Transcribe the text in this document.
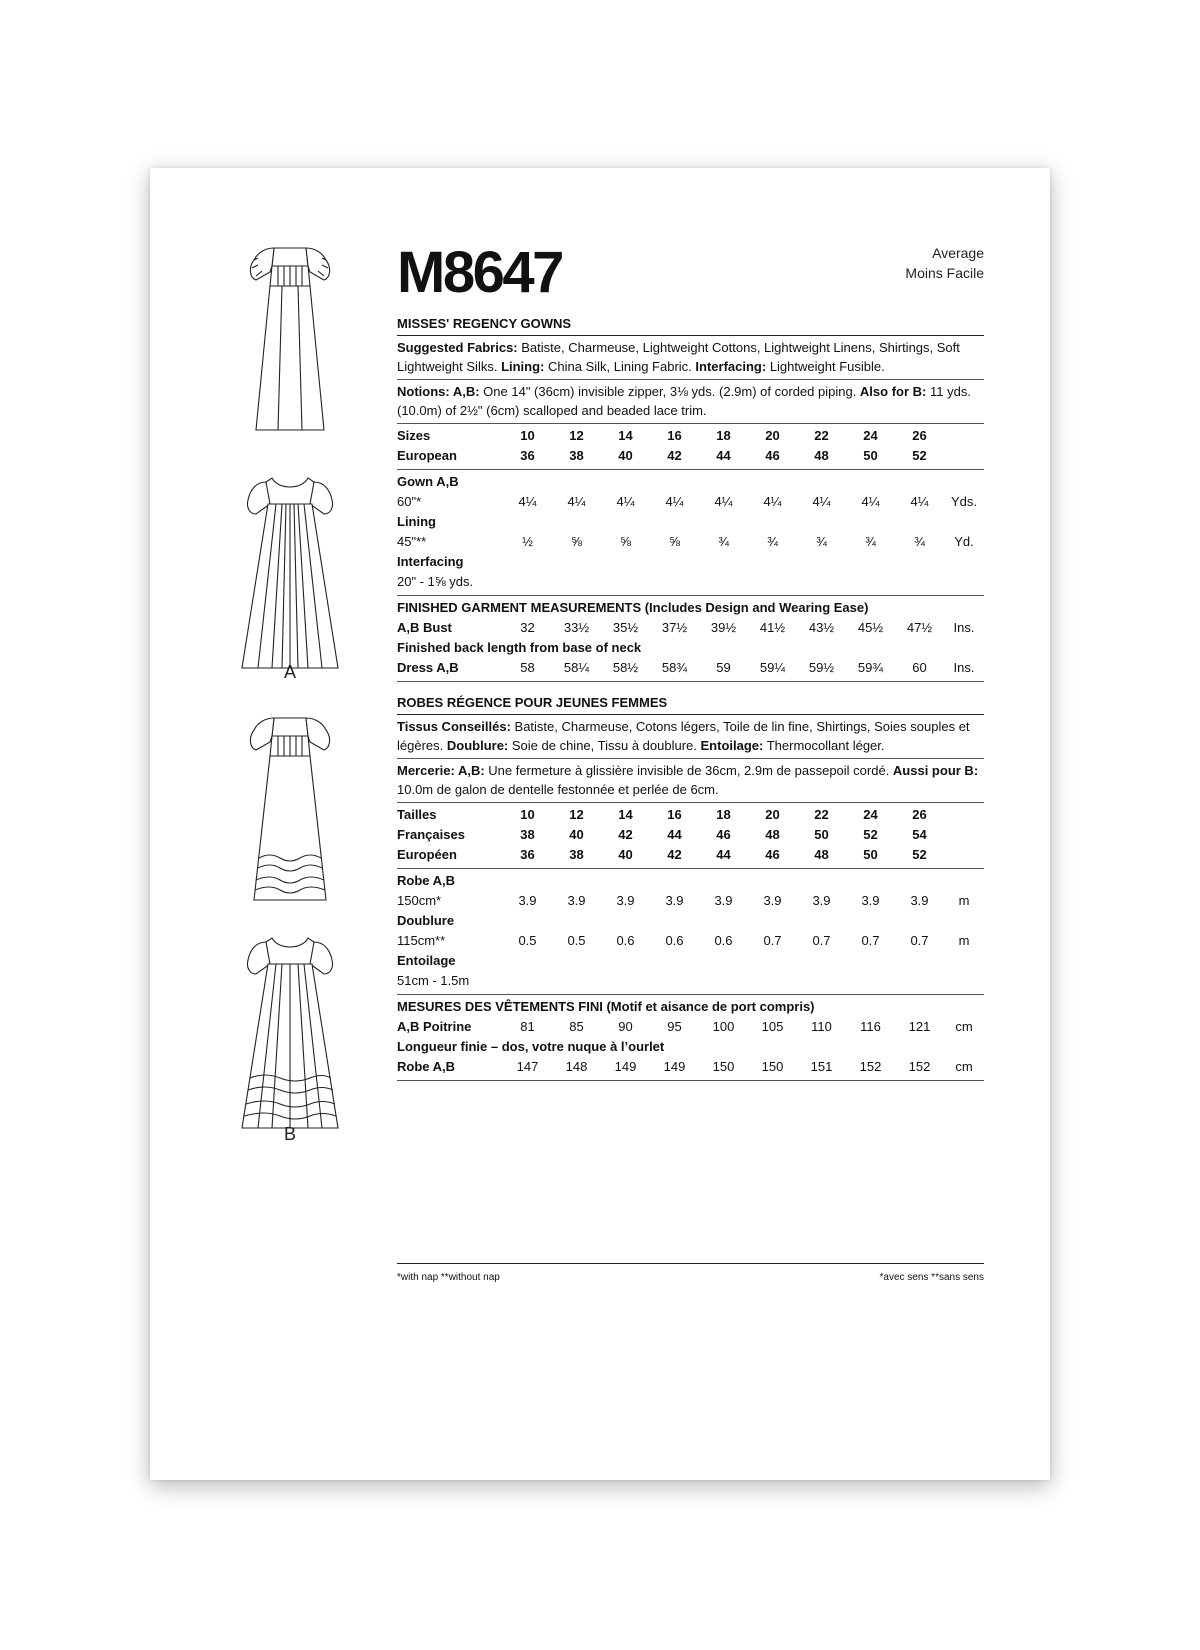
A
B
Average
Moins Facile
M8647
MISSES' REGENCY GOWNS

Suggested Fabrics: Batiste, Charmeuse, Lightweight Cottons, Lightweight Linens, Shirtings, Soft Lightweight Silks. Lining: China Silk, Lining Fabric. Interfacing: Lightweight Fusible.

Notions: A,B: One 14" (36cm) invisible zipper, 3⅛ yds. (2.9m) of corded piping. Also for B: 11 yds. (10.0m) of 2½" (6cm) scalloped and beaded lace trim.

Sizes	10	12	14	16	18	20	22	24	26
European	36	38	40	42	44	46	48	50	52
Gown A,B
60"*	4¼	4¼	4¼	4¼	4¼	4¼	4¼	4¼	4¼	Yds.
Lining
45"**	½	⅝	⅝	⅝	¾	¾	¾	¾	¾	Yd.
Interfacing
20" - 1⅝ yds.
FINISHED GARMENT MEASUREMENTS (Includes Design and Wearing Ease)
A,B Bust	32	33½	35½	37½	39½	41½	43½	45½	47½	Ins.
Finished back length from base of neck
Dress A,B	58	58¼	58½	58¾	59	59¼	59½	59¾	60	Ins.
ROBES RÉGENCE POUR JEUNES FEMMES

Tissus Conseillés: Batiste, Charmeuse, Cotons légers, Toile de lin fine, Shirtings, Soies souples et légères. Doublure: Soie de chine, Tissu à doublure. Entoilage: Thermocollant léger.

Mercerie: A,B: Une fermeture à glissière invisible de 36cm, 2.9m de passepoil cordé. Aussi pour B: 10.0m de galon de dentelle festonnée et perlée de 6cm.

Tailles	10	12	14	16	18	20	22	24	26
Françaises	38	40	42	44	46	48	50	52	54
Européen	36	38	40	42	44	46	48	50	52
Robe A,B
150cm*	3.9	3.9	3.9	3.9	3.9	3.9	3.9	3.9	3.9	m
Doublure
115cm**	0.5	0.5	0.6	0.6	0.6	0.7	0.7	0.7	0.7	m
Entoilage
51cm - 1.5m
MESURES DES VÊTEMENTS FINI (Motif et aisance de port compris)
A,B Poitrine	81	85	90	95	100	105	110	116	121	cm
Longueur finie – dos, votre nuque à l’ourlet
Robe A,B	147	148	149	149	150	150	151	152	152	cm
*with nap **without nap	*avec sens **sans sens
